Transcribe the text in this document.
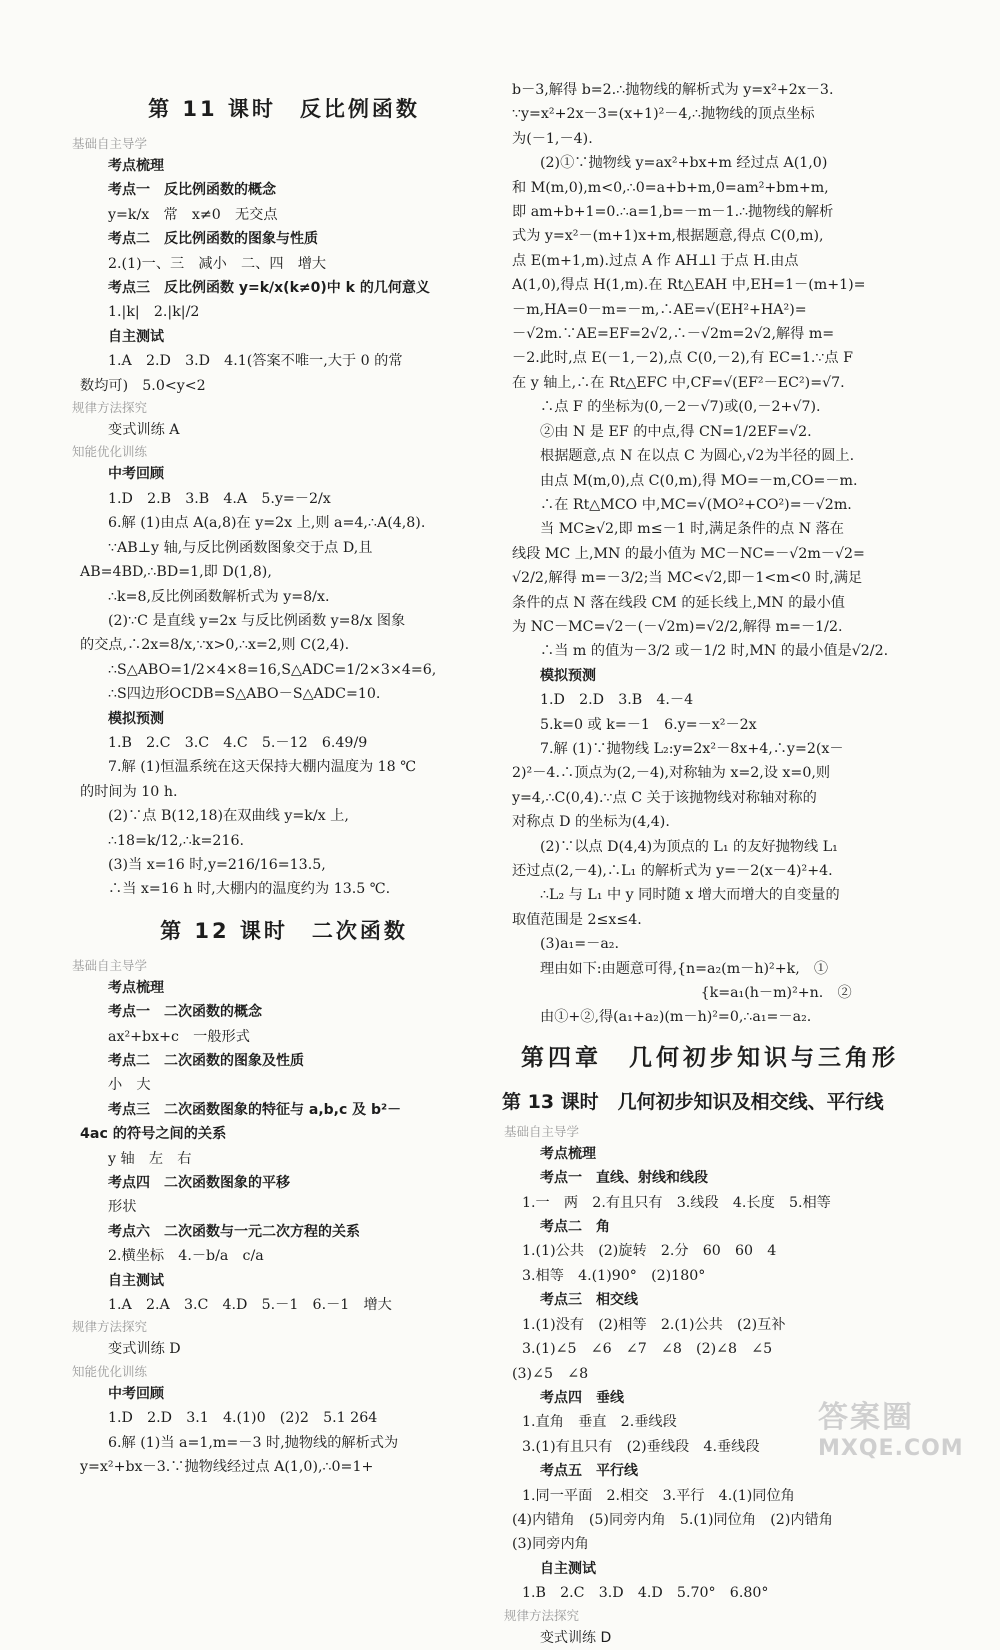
第 11 课时　反比例函数
基础自主导学
考点梳理
考点一　反比例函数的概念
y=k/x　常　x≠0　无交点
考点二　反比例函数的图象与性质
2.(1)一、三　减小　二、四　增大
考点三　反比例函数 y=k/x(k≠0)中 k 的几何意义
1.|k|　2.|k|/2
自主测试
1.A　2.D　3.D　4.1(答案不唯一,大于 0 的常
数均可)　5.0<y<2
规律方法探究
变式训练 A
知能优化训练
中考回顾
1.D　2.B　3.B　4.A　5.y=－2/x
6.解 (1)由点 A(a,8)在 y=2x 上,则 a=4,∴A(4,8).
∵AB⊥y 轴,与反比例函数图象交于点 D,且
AB=4BD,∴BD=1,即 D(1,8),
∴k=8,反比例函数解析式为 y=8/x.
(2)∵C 是直线 y=2x 与反比例函数 y=8/x 图象
的交点,∴2x=8/x,∵x>0,∴x=2,则 C(2,4).
∴S△ABO=1/2×4×8=16,S△ADC=1/2×3×4=6,
∴S四边形OCDB=S△ABO－S△ADC=10.
模拟预测
1.B　2.C　3.C　4.C　5.－12　6.49/9
7.解 (1)恒温系统在这天保持大棚内温度为 18 ℃
的时间为 10 h.
(2)∵点 B(12,18)在双曲线 y=k/x 上,
∴18=k/12,∴k=216.
(3)当 x=16 时,y=216/16=13.5,
∴当 x=16 h 时,大棚内的温度约为 13.5 ℃.
第 12 课时　二次函数
基础自主导学
考点梳理
考点一　二次函数的概念
ax²+bx+c　一般形式
考点二　二次函数的图象及性质
小　大
考点三　二次函数图象的特征与 a,b,c 及 b²－
4ac 的符号之间的关系
y 轴　左　右
考点四　二次函数图象的平移
形状
考点六　二次函数与一元二次方程的关系
2.横坐标　4.－b/a　c/a
自主测试
1.A　2.A　3.C　4.D　5.－1　6.－1　增大
规律方法探究
变式训练 D
知能优化训练
中考回顾
1.D　2.D　3.1　4.(1)0　(2)2　5.1 264
6.解 (1)当 a=1,m=－3 时,抛物线的解析式为
y=x²+bx－3.∵抛物线经过点 A(1,0),∴0=1+
b－3,解得 b=2.∴抛物线的解析式为 y=x²+2x－3.
∵y=x²+2x－3=(x+1)²－4,∴抛物线的顶点坐标
为(－1,－4).
(2)①∵抛物线 y=ax²+bx+m 经过点 A(1,0)
和 M(m,0),m<0,∴0=a+b+m,0=am²+bm+m,
即 am+b+1=0.∴a=1,b=－m－1.∴抛物线的解析
式为 y=x²－(m+1)x+m,根据题意,得点 C(0,m),
点 E(m+1,m).过点 A 作 AH⊥l 于点 H.由点
A(1,0),得点 H(1,m).在 Rt△EAH 中,EH=1－(m+1)=
－m,HA=0－m=－m,∴AE=√(EH²+HA²)=
－√2m.∵AE=EF=2√2,∴－√2m=2√2,解得 m=
－2.此时,点 E(－1,－2),点 C(0,－2),有 EC=1.∵点 F
在 y 轴上,∴在 Rt△EFC 中,CF=√(EF²－EC²)=√7.
∴点 F 的坐标为(0,－2－√7)或(0,－2+√7).
②由 N 是 EF 的中点,得 CN=1/2EF=√2.
根据题意,点 N 在以点 C 为圆心,√2为半径的圆上.
由点 M(m,0),点 C(0,m),得 MO=－m,CO=－m.
∴在 Rt△MCO 中,MC=√(MO²+CO²)=－√2m.
当 MC≥√2,即 m≤－1 时,满足条件的点 N 落在
线段 MC 上,MN 的最小值为 MC－NC=－√2m－√2=
√2/2,解得 m=－3/2;当 MC<√2,即－1<m<0 时,满足
条件的点 N 落在线段 CM 的延长线上,MN 的最小值
为 NC－MC=√2－(－√2m)=√2/2,解得 m=－1/2.
∴当 m 的值为－3/2 或－1/2 时,MN 的最小值是√2/2.
模拟预测
1.D　2.D　3.B　4.－4
5.k=0 或 k=－1　6.y=－x²－2x
7.解 (1)∵抛物线 L₂:y=2x²－8x+4,∴y=2(x－
2)²－4.∴顶点为(2,－4),对称轴为 x=2,设 x=0,则
y=4,∴C(0,4).∵点 C 关于该抛物线对称轴对称的
对称点 D 的坐标为(4,4).
(2)∵以点 D(4,4)为顶点的 L₁ 的友好抛物线 L₁
还过点(2,－4),∴L₁ 的解析式为 y=－2(x－4)²+4.
∴L₂ 与 L₁ 中 y 同时随 x 增大而增大的自变量的
取值范围是 2≤x≤4.
(3)a₁=－a₂.
理由如下:由题意可得,{n=a₂(m－h)²+k,　①
　　　　　　　　　　　 {k=a₁(h－m)²+n.　②
由①+②,得(a₁+a₂)(m－h)²=0,∴a₁=－a₂.
第四章　几何初步知识与三角形
第 13 课时　几何初步知识及相交线、平行线
基础自主导学
考点梳理
考点一　直线、射线和线段
1.一　两　2.有且只有　3.线段　4.长度　5.相等
考点二　角
1.(1)公共　(2)旋转　2.分　60　60　4
3.相等　4.(1)90°　(2)180°
考点三　相交线
1.(1)没有　(2)相等　2.(1)公共　(2)互补
3.(1)∠5　∠6　∠7　∠8　(2)∠8　∠5
(3)∠5　∠8
考点四　垂线
1.直角　垂直　2.垂线段
3.(1)有且只有　(2)垂线段　4.垂线段
考点五　平行线
1.同一平面　2.相交　3.平行　4.(1)同位角
(4)内错角　(5)同旁内角　5.(1)同位角　(2)内错角
(3)同旁内角
自主测试
1.B　2.C　3.D　4.D　5.70°　6.80°
规律方法探究
变式训练 D
答案圈
MXQE.COM
